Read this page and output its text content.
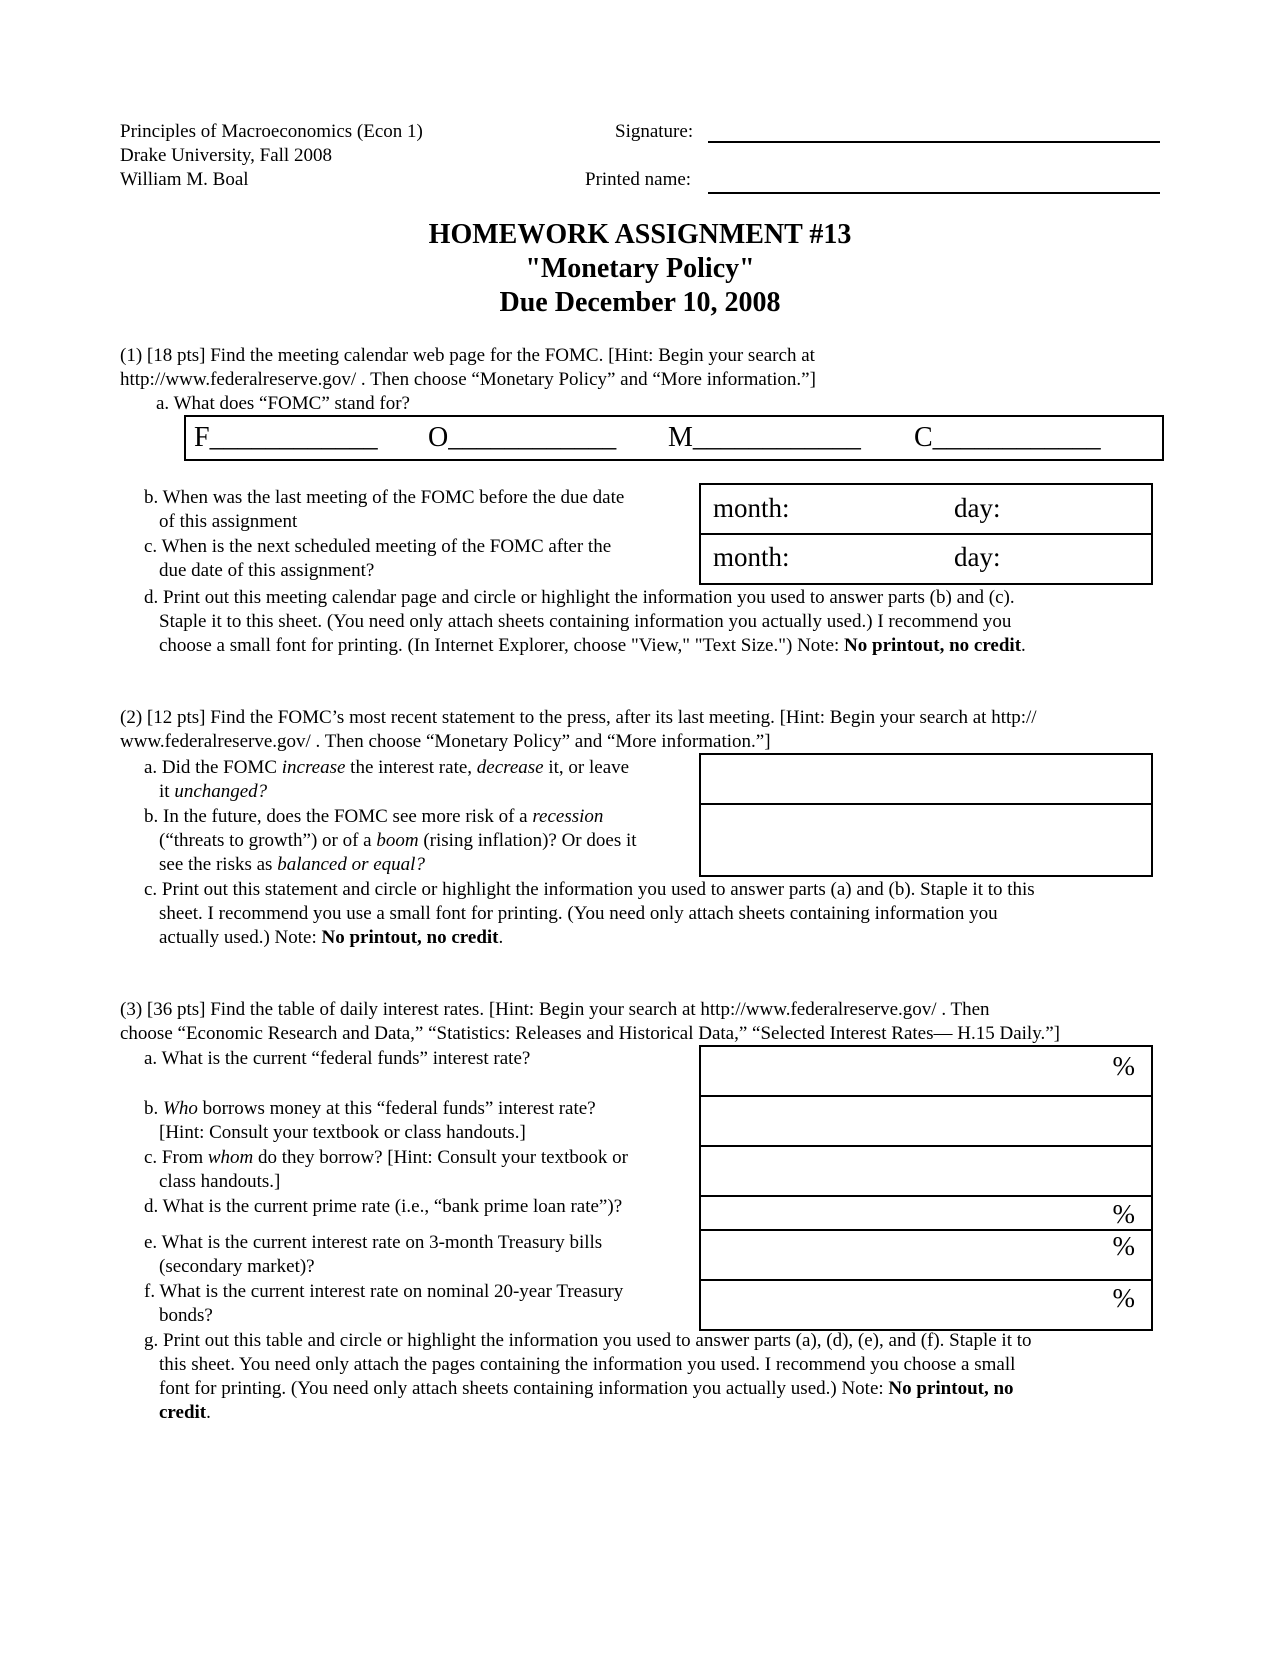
Principles of Macroeconomics (Econ 1)
Drake University, Fall 2008
William M. Boal
Signature:
Printed name:
HOMEWORK ASSIGNMENT #13
"Monetary Policy"
Due December 10, 2008
(1) [18 pts] Find the meeting calendar web page for the FOMC. [Hint: Begin your search at
http://www.federalreserve.gov/ . Then choose “Monetary Policy” and “More information.”]
a. What does “FOMC” stand for?
F____________ O____________ M____________ C____________
b. When was the last meeting of the FOMC before the due date
of this assignment
c. When is the next scheduled meeting of the FOMC after the
due date of this assignment?
month:	day:
month:	day:
d. Print out this meeting calendar page and circle or highlight the information you used to answer parts (b) and (c).
Staple it to this sheet. (You need only attach sheets containing information you actually used.) I recommend you
choose a small font for printing. (In Internet Explorer, choose "View," "Text Size.") Note: No printout, no credit.
(2) [12 pts] Find the FOMC’s most recent statement to the press, after its last meeting. [Hint: Begin your search at http://
www.federalreserve.gov/ . Then choose “Monetary Policy” and “More information.”]
a. Did the FOMC increase the interest rate, decrease it, or leave
it unchanged?
b. In the future, does the FOMC see more risk of a recession
(“threats to growth”) or of a boom (rising inflation)? Or does it
see the risks as balanced or equal?
c. Print out this statement and circle or highlight the information you used to answer parts (a) and (b). Staple it to this
sheet. I recommend you use a small font for printing. (You need only attach sheets containing information you
actually used.) Note: No printout, no credit.
(3) [36 pts] Find the table of daily interest rates. [Hint: Begin your search at http://www.federalreserve.gov/ . Then
choose “Economic Research and Data,” “Statistics: Releases and Historical Data,” “Selected Interest Rates— H.15 Daily.”]
a. What is the current “federal funds” interest rate?
b. Who borrows money at this “federal funds” interest rate?
[Hint: Consult your textbook or class handouts.]
c. From whom do they borrow? [Hint: Consult your textbook or
class handouts.]
d. What is the current prime rate (i.e., “bank prime loan rate”)?
e. What is the current interest rate on 3-month Treasury bills
(secondary market)?
f. What is the current interest rate on nominal 20-year Treasury
bonds?
%
%
%
%
g. Print out this table and circle or highlight the information you used to answer parts (a), (d), (e), and (f). Staple it to
this sheet. You need only attach the pages containing the information you used. I recommend you choose a small
font for printing. (You need only attach sheets containing information you actually used.) Note: No printout, no
credit.
